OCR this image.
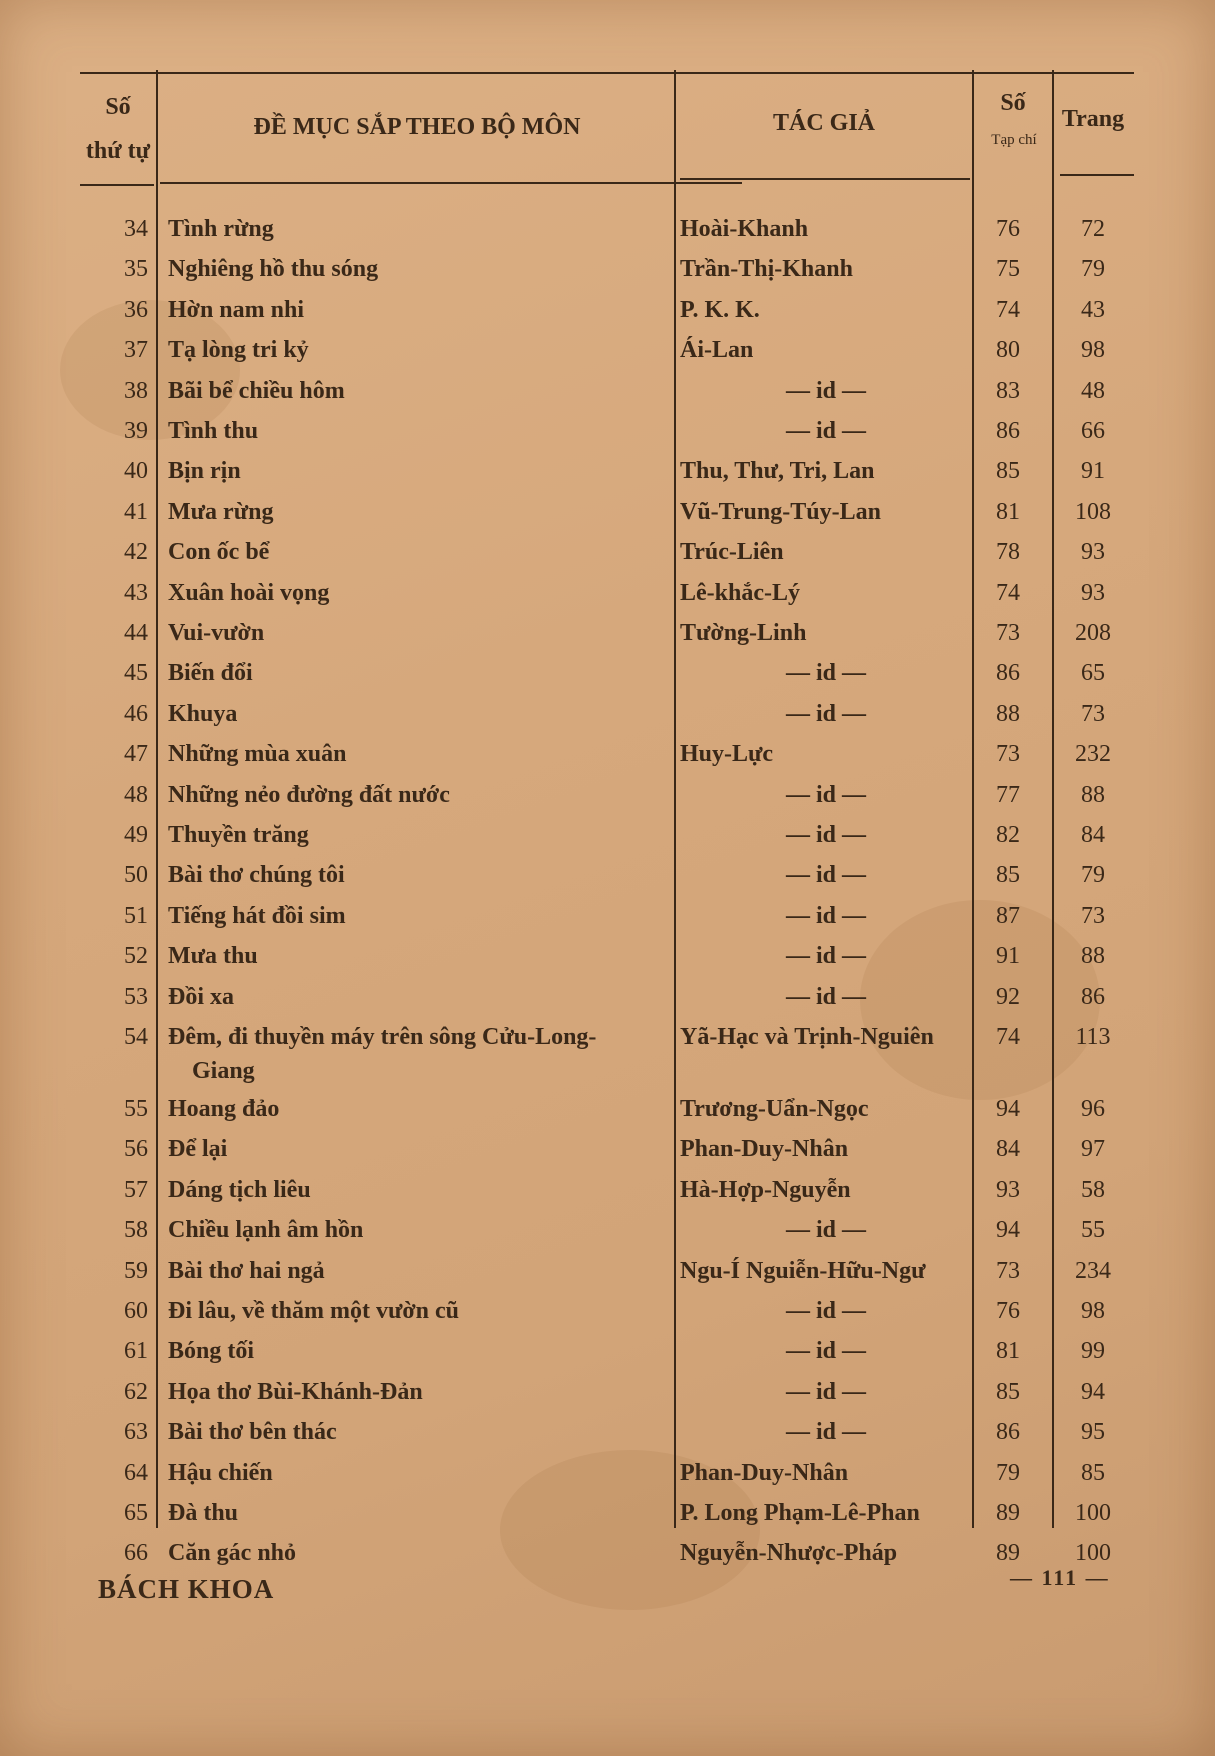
Số
thứ tự
ĐỀ MỤC SẮP THEO BỘ MÔN	TÁC GIẢ
Số
Tạp chí
Trang
34 Tình rừng	Hoài-Khanh	76	72
35 Nghiêng hồ thu sóng	Trần-Thị-Khanh	75	79
36 Hờn nam nhi	P. K. K.	74	43
37 Tạ lòng tri kỷ	Ái-Lan	80	98
38 Bãi bể chiều hôm	— id —	83	48
39 Tình thu	— id —	86	66
40 Bịn rịn	Thu, Thư, Tri, Lan	85	91
41 Mưa rừng	Vũ-Trung-Túy-Lan	81	108
42 Con ốc bể	Trúc-Liên	78	93
43 Xuân hoài vọng	Lê-khắc-Lý	74	93
44 Vui-vườn	Tường-Linh	73	208
45 Biến đổi	— id —	86	65
46 Khuya	— id —	88	73
47 Những mùa xuân	Huy-Lực	73	232
48 Những nẻo đường đất nước	— id —	77	88
49 Thuyền trăng	— id —	82	84
50 Bài thơ chúng tôi	— id —	85	79
51 Tiếng hát đồi sim	— id —	87	73
52 Mưa thu	— id —	91	88
53 Đồi xa	— id —	92	86
54 Đêm, đi thuyền máy trên sông Cửu-Long-	Yã-Hạc và Trịnh-Nguiên	74	113
Giang
55 Hoang đảo	Trương-Uẩn-Ngọc	94	96
56 Để lại	Phan-Duy-Nhân	84	97
57 Dáng tịch liêu	Hà-Hợp-Nguyễn	93	58
58 Chiều lạnh âm hồn	— id —	94	55
59 Bài thơ hai ngả	Ngu-Í Nguiễn-Hữu-Ngư	73	234
60 Đi lâu, về thăm một vườn cũ	— id —	76	98
61 Bóng tối	— id —	81	99
62 Họa thơ Bùi-Khánh-Đản	— id —	85	94
63 Bài thơ bên thác	— id —	86	95
64 Hậu chiến	Phan-Duy-Nhân	79	85
65 Đà thu	P. Long Phạm-Lê-Phan	89	100
66 Căn gác nhỏ	Nguyễn-Nhược-Pháp	89	100
BÁCH KHOA	— 111 —
